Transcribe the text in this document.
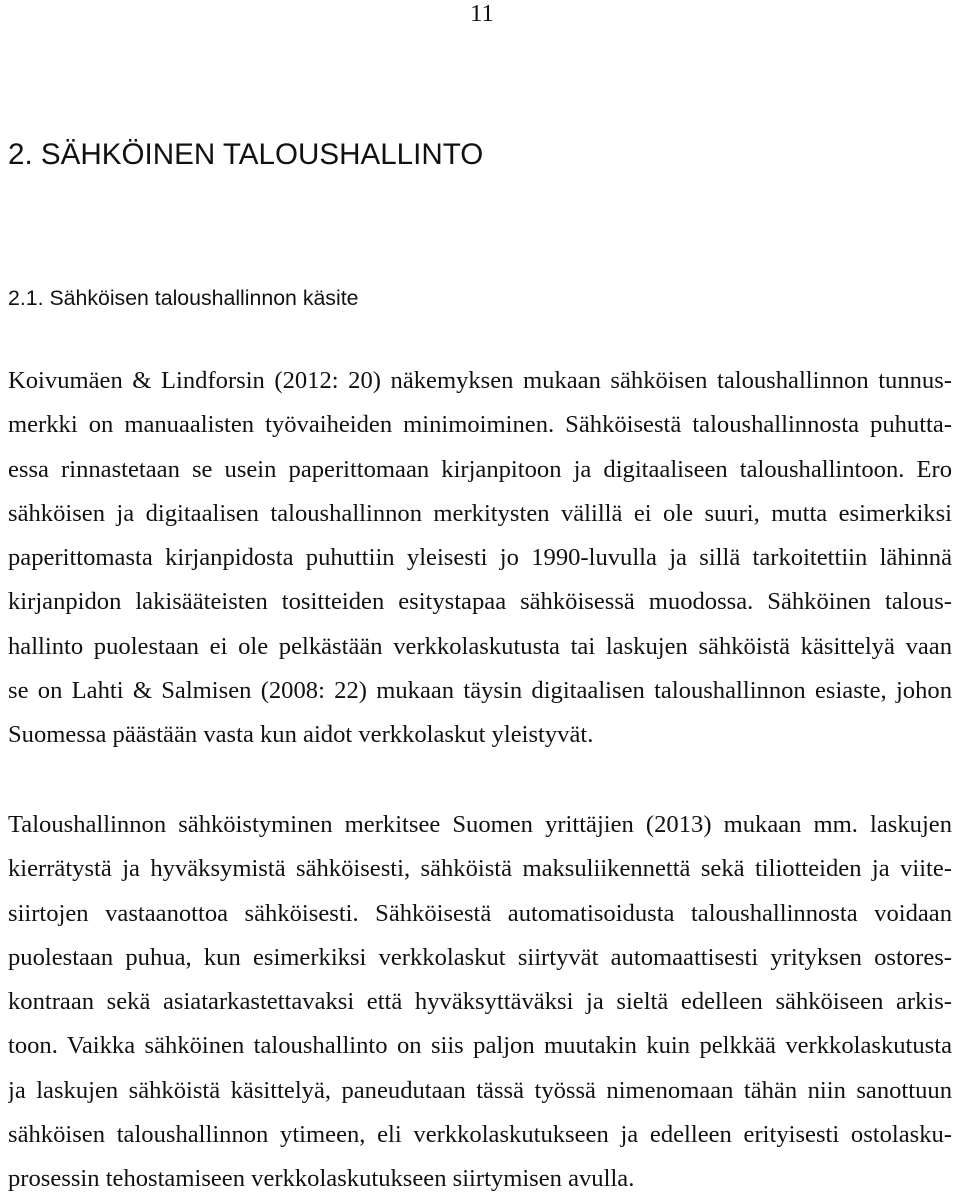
11
2. SÄHKÖINEN TALOUSHALLINTO
2.1. Sähköisen taloushallinnon käsite
Koivumäen & Lindforsin (2012: 20) näkemyksen mukaan sähköisen taloushallinnon tunnus-
merkki on manuaalisten työvaiheiden minimoiminen. Sähköisestä taloushallinnosta puhutta-
essa rinnastetaan se usein paperittomaan kirjanpitoon ja digitaaliseen taloushallintoon. Ero
sähköisen ja digitaalisen taloushallinnon merkitysten välillä ei ole suuri, mutta esimerkiksi
paperittomasta kirjanpidosta puhuttiin yleisesti jo 1990-luvulla ja sillä tarkoitettiin lähinnä
kirjanpidon lakisääteisten tositteiden esitystapaa sähköisessä muodossa. Sähköinen talous-
hallinto puolestaan ei ole pelkästään verkkolaskutusta tai laskujen sähköistä käsittelyä vaan
se on Lahti & Salmisen (2008: 22) mukaan täysin digitaalisen taloushallinnon esiaste, johon
Suomessa päästään vasta kun aidot verkkolaskut yleistyvät.
Taloushallinnon sähköistyminen merkitsee Suomen yrittäjien (2013) mukaan mm. laskujen
kierrätystä ja hyväksymistä sähköisesti, sähköistä maksuliikennettä sekä tiliotteiden ja viite-
siirtojen vastaanottoa sähköisesti. Sähköisestä automatisoidusta taloushallinnosta voidaan
puolestaan puhua, kun esimerkiksi verkkolaskut siirtyvät automaattisesti yrityksen ostores-
kontraan sekä asiatarkastettavaksi että hyväksyttäväksi ja sieltä edelleen sähköiseen arkis-
toon. Vaikka sähköinen taloushallinto on siis paljon muutakin kuin pelkkää verkkolaskutusta
ja laskujen sähköistä käsittelyä, paneudutaan tässä työssä nimenomaan tähän niin sanottuun
sähköisen taloushallinnon ytimeen, eli verkkolaskutukseen ja edelleen erityisesti ostolasku-
prosessin tehostamiseen verkkolaskutukseen siirtymisen avulla.
